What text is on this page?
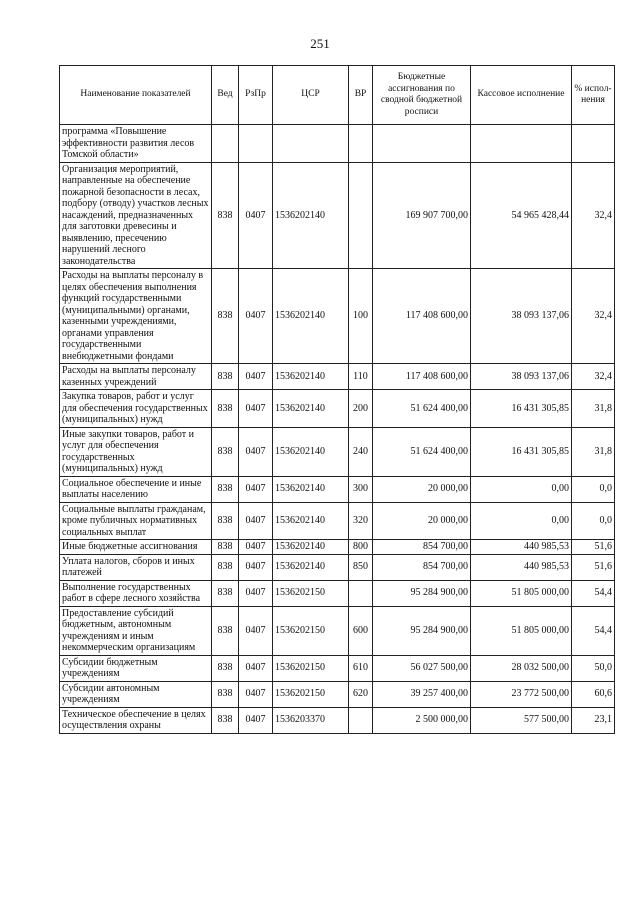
251
Наименование показателей	Вед	РзПр	ЦСР	ВР	Бюджетные ассигнования по сводной бюджетной росписи	Кассовое исполнение	% испол- нения
программа «Повышение эффективности развития лесов Томской области»							
Организация мероприятий, направленные на обеспечение пожарной безопасности в лесах, подбору (отводу) участков лесных насаждений, предназначенных для заготовки древесины и выявлению, пресечению нарушений лесного законодательства	838	0407	1536202140		169 907 700,00	54 965 428,44	32,4
Расходы на выплаты персоналу в целях обеспечения выполнения функций государственными (муниципальными) органами, казенными учреждениями, органами управления государственными внебюджетными фондами	838	0407	1536202140	100	117 408 600,00	38 093 137,06	32,4
Расходы на выплаты персоналу казенных учреждений	838	0407	1536202140	110	117 408 600,00	38 093 137,06	32,4
Закупка товаров, работ и услуг для обеспечения государственных (муниципальных) нужд	838	0407	1536202140	200	51 624 400,00	16 431 305,85	31,8
Иные закупки товаров, работ и услуг для обеспечения государственных (муниципальных) нужд	838	0407	1536202140	240	51 624 400,00	16 431 305,85	31,8
Социальное обеспечение и иные выплаты населению	838	0407	1536202140	300	20 000,00	0,00	0,0
Социальные выплаты гражданам, кроме публичных нормативных социальных выплат	838	0407	1536202140	320	20 000,00	0,00	0,0
Иные бюджетные ассигнования	838	0407	1536202140	800	854 700,00	440 985,53	51,6
Уплата налогов, сборов и иных платежей	838	0407	1536202140	850	854 700,00	440 985,53	51,6
Выполнение государственных работ в сфере лесного хозяйства	838	0407	1536202150		95 284 900,00	51 805 000,00	54,4
Предоставление субсидий бюджетным, автономным учреждениям и иным некоммерческим организациям	838	0407	1536202150	600	95 284 900,00	51 805 000,00	54,4
Субсидии бюджетным учреждениям	838	0407	1536202150	610	56 027 500,00	28 032 500,00	50,0
Субсидии автономным учреждениям	838	0407	1536202150	620	39 257 400,00	23 772 500,00	60,6
Техническое обеспечение в целях осуществления охраны	838	0407	1536203370		2 500 000,00	577 500,00	23,1
